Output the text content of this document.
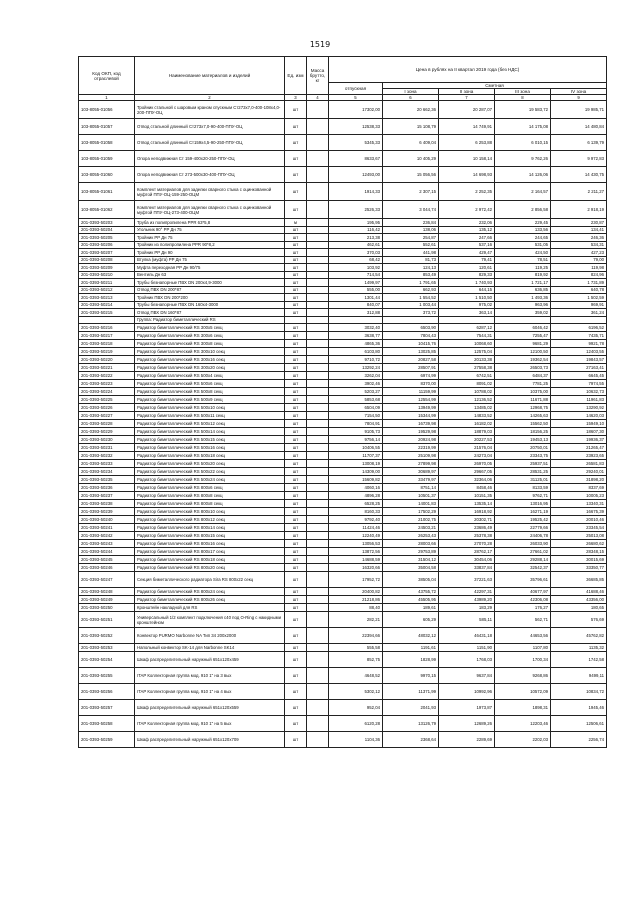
1519
Код ОКП, код отраслевой	Наименование материалов и изделий	Ед. изм	Масса брутто, кг	Цена в рублях на II квартал 2019 года (без НДС)				
				отпускная	Сметная			
					I зона	II зона	III зона	IV зона
1	2	3	4	5	6	7	8	9
103-8055-01056	Тройник стальной с шаровым краном спускным Ст273х7,0-400-108х4,0-200-ППУ-ОЦ	шт		17302,00	20 662,36	20 287,07	19 583,72	19 985,71
103-8055-01057	Отвод стальной длинный Ст273х7,0-90-400-ППУ-ОЦ	шт		12538,33	15 108,79	14 749,91	14 175,08	14 480,84
103-8055-01058	Отвод стальной длинный Ст159х4,5-90-250-ППУ-ОЦ	шт		5345,33	6 409,04	6 253,88	6 010,15	6 139,79
103-8055-01059	Опора неподвижная Ст 159-400х20-250-ППУ-ОЦ	шт		8633,67	10 405,29	10 158,14	9 762,26	9 972,83
103-8055-01060	Опора неподвижная Ст 273-500х30-400-ППУ-ОЦ	шт		12493,00	15 056,56	14 698,93	14 126,06	14 430,75
103-8055-01061	Комплект материалов для заделки сварного стыка с оцинкованной муфтой ППУ-ОЦ-159-250-ОЦМ	шт		1914,33	2 307,15	2 252,35	2 164,57	2 211,27
103-8055-01062	Комплект материалов для заделки сварного стыка с оцинкованной муфтой ППУ-ОЦ-273-400-ОЦМ	шт		2526,33	3 044,74	2 972,42	2 856,58	2 918,19
201-0393-50203	Труба из полипропилена PPR 63*5,8	м		195,95	236,84	232,06	229,45	230,87
201-0393-50204	Угольник 90° PP Дн 75	шт		116,42	138,06	135,12	133,56	134,41
201-0393-50205	Тройник PP Дн 75	шт		213,38	254,87	247,66	244,65	246,36
201-0393-50206	Тройник из полипропилена PPR 90*8,2	шт		462,61	552,61	537,16	531,05	534,31
201-0393-50207	Тройник PP Дн 90	шт		370,03	441,98	429,47	424,50	427,23
201-0393-50208	Втулка (муфта) PP Дн 75	шт		68,42	81,73	79,41	78,51	79,00
201-0393-50209	Муфта переходная PP Дн 90/75	шт		103,92	124,13	120,61	119,25	119,98
201-0393-50210	Вентиль Дн 63	шт		714,54	853,49	829,33	819,92	824,96
201-0393-50211	Трубы безнапорные ПВХ DN 200х4,9-3000	шт		1499,97	1 791,65	1 740,93	1 721,17	1 731,89
201-0393-50212	Отвод ПВХ DN 200*87	шт		555,00	662,93	644,15	636,85	640,78
201-0393-50213	Тройник ПВХ DN 200*200	шт		1301,44	1 554,52	1 510,50	1 493,36	1 502,59
201-0393-50214	Трубы безнапорные ПВХ DN 160х4-3000	шт		840,07	1 003,44	975,02	963,96	969,91
201-0393-50215	Отвод ПВХ DN 160*87	шт		312,88	373,72	363,14	359,02	361,24
	Группа: Радиатор биметаллический RS							
201-0393-50216	Радиатор биметаллический RS 300х5 секц	шт		3032,40	6503,90	6287,12	6046,42	6196,52
201-0393-50217	Радиатор биметаллический RS 300х6 секц	шт		3638,77	7804,43	7544,31	7255,47	7435,71
201-0393-50218	Радиатор биметаллический RS 300х8 секц	шт		4865,36	10415,76	10068,60	9681,29	9921,78
201-0393-50219	Радиатор биметаллический RS 300х10 секц	шт		6103,80	13025,85	12575,04	12100,50	12403,55
201-0393-50220	Радиатор биметаллический RS 300х16 секц	шт		9710,72	20827,58	20133,38	19362,54	19843,57
201-0393-50221	Радиатор биметаллический RS 300х20 секц	шт		13292,24	28507,91	27558,38	26503,73	27163,41
201-0393-50222	Радиатор биметаллический RS 500х4 секц	шт		3262,04	6974,99	6742,51	6484,37	6645,45
201-0393-50223	Радиатор биметаллический RS 500х6 секц	шт		3902,46	8370,00	8091,02	7781,25	7974,55
201-0393-50224	Радиатор биметаллический RS 500х8 секц	шт		5203,27	11159,99	10788,02	10375,00	10632,73
201-0393-50225	Радиатор биметаллический RS 500х9 секц	шт		5853,68	12554,99	12136,52	11671,88	11961,83
201-0393-50226	Радиатор биметаллический RS 500х10 секц	шт		6504,09	13949,99	13485,02	12968,75	13290,92
201-0393-50227	Радиатор биметаллический RS 500х11 секц	шт		7154,50	15344,99	14833,52	14265,63	14620,03
201-0393-50228	Радиатор биметаллический RS 500х12 секц	шт		7804,91	16739,98	16182,02	15562,50	15949,10
201-0393-50229	Радиатор биметаллический RS 500х14 секц	шт		9105,73	19529,98	18879,03	18156,25	18607,30
201-0393-50230	Радиатор биметаллический RS 500х15 секц	шт		9756,14	20924,98	20227,53	19453,13	19936,37
201-0393-50231	Радиатор биметаллический RS 500х16 секц	шт		10406,55	22319,99	21576,04	20750,01	21265,47
201-0393-50232	Радиатор биметаллический RS 500х18 секц	шт		11707,37	25109,98	24273,04	23343,75	23923,65
201-0393-50233	Радиатор биметаллический RS 500х20 секц	шт		13008,19	27899,98	26970,05	25937,51	26581,83
201-0393-50234	Радиатор биметаллический RS 500х22 секц	шт		14309,00	30689,97	29667,05	28531,25	29240,01
201-0393-50235	Радиатор биметаллический RS 500х24 секц	шт		15609,82	33479,97	32364,06	31125,01	31898,20
201-0393-50236	Радиатор биметаллический RS 800х6 секц	шт		4060,16	8751,14	8458,46	8133,59	8337,69
201-0393-50237	Радиатор биметаллический RS 800х8 секц	шт		4896,28	10501,37	10151,35	9762,71	10005,23
201-0393-50238	Радиатор биметаллический RS 800х8 секц	шт		6528,25	14001,83	13535,14	13016,95	13340,31
201-0393-50239	Радиатор биметаллический RS 800х10 секц	шт		8160,33	17502,29	16918,92	16271,19	16675,39
201-0393-50240	Радиатор биметаллический RS 800х12 секц	шт		9792,40	21002,75	20302,71	19525,42	20010,46
201-0393-50241	Радиатор биметаллический RS 800х14 секц	шт		11424,46	24503,21	23686,49	22779,66	23345,54
201-0393-50242	Радиатор биметаллический RS 800х15 секц	шт		12240,49	26253,43	25378,38	24406,78	25013,08
201-0393-50243	Радиатор биметаллический RS 800х16 секц	шт		13056,53	28003,66	27070,28	26033,90	26680,62
201-0393-50244	Радиатор биметаллический RS 800х17 секц	шт		13872,56	29753,89	28762,17	27661,02	28348,15
201-0393-50245	Радиатор биметаллический RS 800х18 секц	шт		14688,59	31504,12	30454,06	29288,14	30015,69
201-0393-50246	Радиатор биметаллический RS 800х20 секц	шт		16320,66	35004,58	33837,84	32542,37	33350,77
201-0393-50247	Секция биметаллического радиатора Sira RS 800х22 секц	шт		17952,72	38505,04	37221,63	35796,61	36685,85
201-0393-50248	Радиатор биметаллический RS 800х24 секц	шт		20400,82	43755,72	42297,31	40677,97	41688,46
201-0393-50249	Радиатор биметаллический RS 800х26 секц	шт		21218,86	45505,95	43989,20	42306,08	43356,00
201-0393-50250	Кронштейн накладной для RS	шт		88,40	189,61	183,29	176,27	180,65
201-0393-50251	Универсальный 1/2 комплект подключения с40 под O-Ring с накидными кронштейном	шт		282,21	605,29	585,11	562,71	576,69
201-0393-50252	Конвектор PURMO Narbonne NA Тип 34 200х2000	шт		22394,66	48032,12	46431,18	44653,56	45762,82
201-0393-50253	Напольный конвектор SK-14 для Narbonne SK14	шт		555,58	1191,61	1151,90	1107,80	1135,32
201-0393-50254	Шкаф распределительный наружный 651х120х459	шт		852,75	1828,99	1768,03	1700,34	1742,58
201-0393-50255	ITAP Коллекторная группа мод. 910 1" на 3 вых	шт		4648,52	9970,15	9637,84	9268,86	9499,11
201-0393-50256	ITAP Коллекторная группа мод. 910 1" на 4 вых	шт		5302,12	11371,99	10992,96	10572,09	10834,72
201-0393-50257	Шкаф распределительный наружный 651х120х559	шт		952,04	2041,93	1973,87	1898,31	1945,46
201-0393-50258	ITAP Коллекторная группа мод. 910 1" на 5 вых	шт		6120,28	13126,79	12689,26	12203,46	12506,61
201-0393-50259	Шкаф распределительный наружный 651х120х709	шт		1104,36	2368,64	2289,69	2202,03	2256,74
